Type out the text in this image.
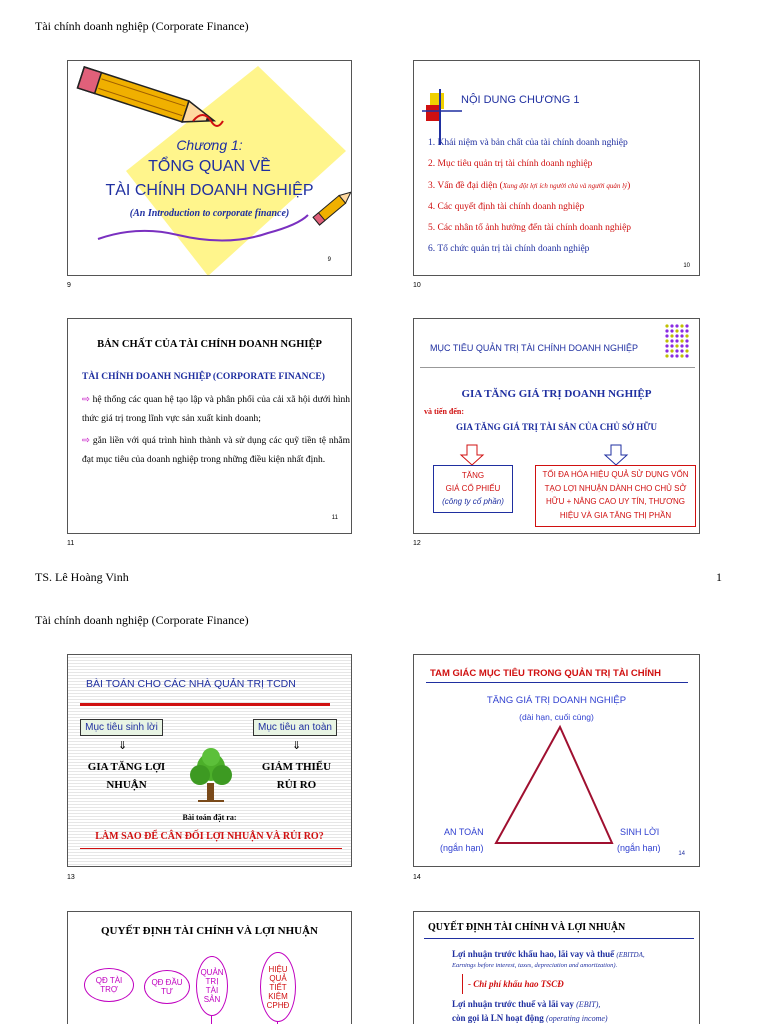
Tài chính doanh nghiệp (Corporate Finance)
Chương 1:
TỔNG QUAN VỀ
TÀI CHÍNH DOANH NGHIỆP
(An Introduction to corporate finance)
9
9
NỘI DUNG CHƯƠNG 1
1. Khái niệm và bản chất của tài chính doanh nghiệp
2. Mục tiêu quản trị tài chính doanh nghiệp
3. Vấn đề đại diện (Xung đột lợi ích người chủ và người quản lý)
4. Các quyết định tài chính doanh nghiệp
5. Các nhân tố ảnh hưởng đến tài chính doanh nghiệp
6. Tổ chức quản trị tài chính doanh nghiệp
10
10
BẢN CHẤT CỦA TÀI CHÍNH DOANH NGHIỆP
TÀI CHÍNH DOANH NGHIỆP (CORPORATE FINANCE)

⇨ hệ thống các quan hệ tạo lập và phân phối của cải xã hội dưới hình thức giá trị trong lĩnh vực sản xuất kinh doanh;

⇨ gắn liền với quá trình hình thành và sử dụng các quỹ tiền tệ nhằm đạt mục tiêu của doanh nghiệp trong những điều kiện nhất định.

11
11
MỤC TIÊU QUẢN TRỊ TÀI CHÍNH DOANH NGHIỆP
GIA TĂNG GIÁ TRỊ DOANH NGHIỆP
và tiến đến:
GIA TĂNG GIÁ TRỊ TÀI SẢN CỦA CHỦ SỞ HỮU
TĂNG
GIÁ CỔ PHIẾU
(công ty cổ phần)
TỐI ĐA HÓA HIỆU QUẢ SỬ DỤNG VỐN TẠO LỢI NHUẬN DÀNH CHO CHỦ SỞ HỮU + NÂNG CAO UY TÍN, THƯƠNG HIỆU VÀ GIA TĂNG THỊ PHẦN
12
TS. Lê Hoàng Vinh	1
Tài chính doanh nghiệp (Corporate Finance)
BÀI TOÁN CHO CÁC NHÀ QUẢN TRỊ TCDN
Mục tiêu sinh lời	Mục tiêu an toàn
⇓	⇓
GIA TĂNG LỢI
NHUẬN
GIẢM THIỂU
RỦI RO
Bài toán đặt ra:
LÀM SAO ĐỂ CÂN ĐỐI LỢI NHUẬN VÀ RỦI RO?
13
TAM GIÁC MỤC TIÊU TRONG QUẢN TRỊ TÀI CHÍNH
TĂNG GIÁ TRỊ DOANH NGHIỆP
(dài hạn, cuối cùng)
AN TOÀN
(ngắn hạn)
SINH LỜI
(ngắn hạn)
14
14
QUYẾT ĐỊNH TÀI CHÍNH VÀ LỢI NHUẬN
QĐ TÀI TRỢ
QĐ ĐẦU TƯ
QUẢN
TRỊ
TÀI
SẢN
HIỆU
QUẢ
TIẾT
KIỆM
CPHĐ
QUYẾT ĐỊNH TÀI CHÍNH VÀ LỢI NHUẬN
Lợi nhuận trước khấu hao, lãi vay và thuế (EBITDA,
Earnings before interest, taxes, depreciation and amortization).
- Chi phí khấu hao TSCĐ
Lợi nhuận trước thuế và lãi vay (EBIT),
còn gọi là LN hoạt động (operating income)
